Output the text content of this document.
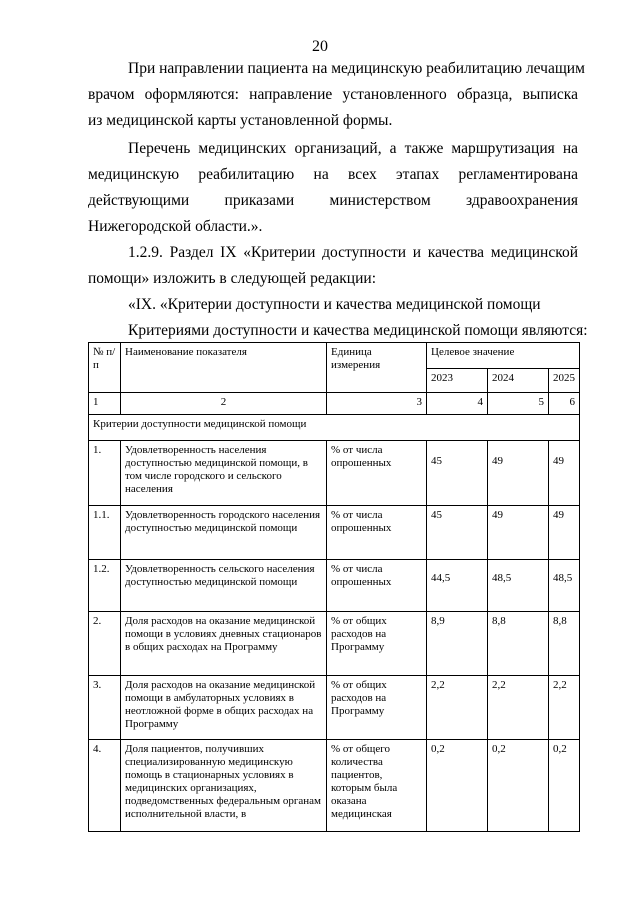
20
При направлении пациента на медицинскую реабилитацию лечащим
врачом оформляются: направление установленного образца, выписка
из медицинской карты установленной формы.
Перечень медицинских организаций, а также маршрутизация на
медицинскую реабилитацию на всех этапах регламентирована
действующими приказами министерством здравоохранения
Нижегородской области.».
1.2.9. Раздел IX «Критерии доступности и качества медицинской
помощи» изложить в следующей редакции:
«IX. «Критерии доступности и качества медицинской помощи
Критериями доступности и качества медицинской помощи являются:
№ п/п	Наименование показателя	Единица измерения	Целевое значение		
			2023	2024	2025
1	2	3	4	5	6
Критерии доступности медицинской помощи					
1.	Удовлетворенность населения доступностью медицинской помощи, в том числе городского и сельского населения	% от числа опрошенных	45	49	49
1.1.	Удовлетворенность городского населения доступностью медицинской помощи	% от числа опрошенных	45	49	49
1.2.	Удовлетворенность сельского населения доступностью медицинской помощи	% от числа опрошенных	44,5	48,5	48,5
2.	Доля расходов на оказание медицинской помощи в условиях дневных стационаров в общих расходах на Программу	% от общих расходов на Программу	8,9	8,8	8,8
3.	Доля расходов на оказание медицинской помощи в амбулаторных условиях в неотложной форме в общих расходах на Программу	% от общих расходов на Программу	2,2	2,2	2,2
4.	Доля пациентов, получивших специализированную медицинскую помощь в стационарных условиях в медицинских организациях, подведомственных федеральным органам исполнительной власти, в	% от общего количества пациентов, которым была оказана медицинская	0,2	0,2	0,2
